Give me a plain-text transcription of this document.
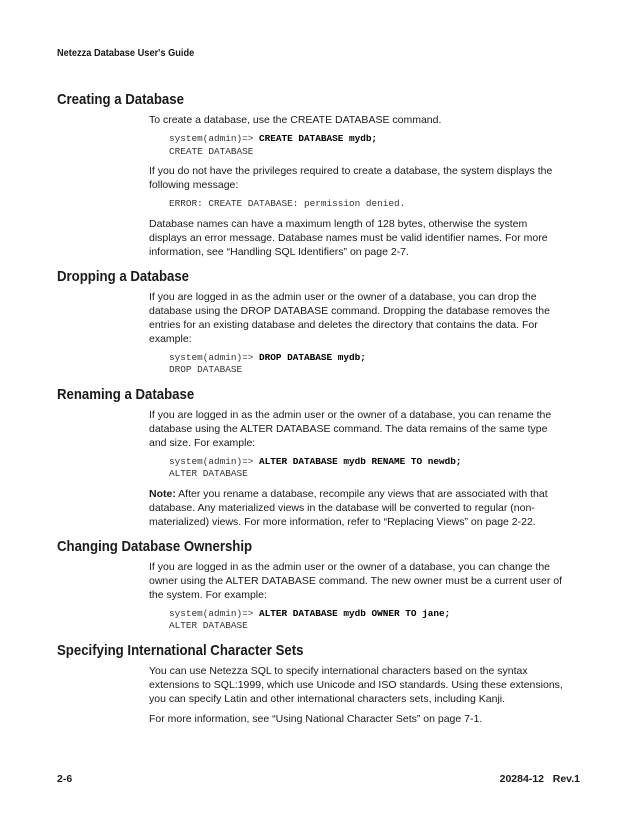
Netezza Database User's Guide
Creating a Database

To create a database, use the CREATE DATABASE command.

system(admin)=> CREATE DATABASE mydb;
CREATE DATABASE

If you do not have the privileges required to create a database, the system displays the following message:

ERROR: CREATE DATABASE: permission denied.

Database names can have a maximum length of 128 bytes, otherwise the system displays an error message. Database names must be valid identifier names. For more information, see “Handling SQL Identifiers” on page 2-7.

Dropping a Database

If you are logged in as the admin user or the owner of a database, you can drop the database using the DROP DATABASE command. Dropping the database removes the entries for an existing database and deletes the directory that contains the data. For example:

system(admin)=> DROP DATABASE mydb;
DROP DATABASE
Renaming a Database

If you are logged in as the admin user or the owner of a database, you can rename the database using the ALTER DATABASE command. The data remains of the same type and size. For example:

system(admin)=> ALTER DATABASE mydb RENAME TO newdb;
ALTER DATABASE

Note: After you rename a database, recompile any views that are associated with that database. Any materialized views in the database will be converted to regular (non-materialized) views. For more information, refer to “Replacing Views” on page 2-22.

Changing Database Ownership

If you are logged in as the admin user or the owner of a database, you can change the owner using the ALTER DATABASE command. The new owner must be a current user of the system. For example:

system(admin)=> ALTER DATABASE mydb OWNER TO jane;
ALTER DATABASE
Specifying International Character Sets

You can use Netezza SQL to specify international characters based on the syntax extensions to SQL:1999, which use Unicode and ISO standards. Using these extensions, you can specify Latin and other international characters sets, including Kanji.

For more information, see “Using National Character Sets” on page 7-1.

2-6	20284-12   Rev.1
